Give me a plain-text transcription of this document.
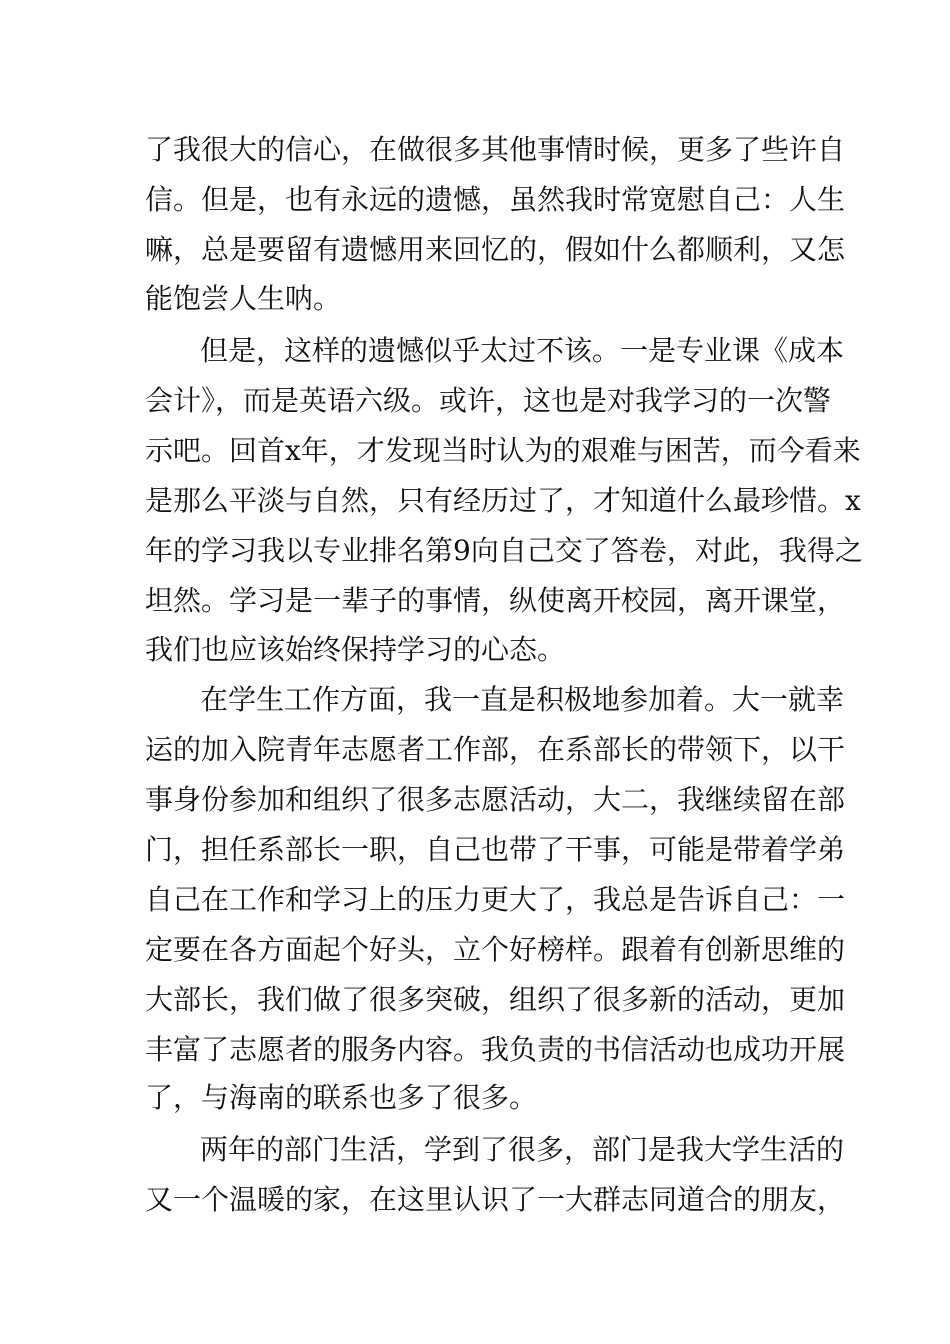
了我很大的信心，在做很多其他事情时候，更多了些许自
信。但是，也有永远的遗憾，虽然我时常宽慰自己：人生
嘛，总是要留有遗憾用来回忆的，假如什么都顺利，又怎
能饱尝人生呐。
但是，这样的遗憾似乎太过不该。一是专业课《成本
会计》，而是英语六级。或许，这也是对我学习的一次警
示吧。回首x年，才发现当时认为的艰难与困苦，而今看来
是那么平淡与自然，只有经历过了，才知道什么最珍惜。x
年的学习我以专业排名第9向自己交了答卷，对此，我得之
坦然。学习是一辈子的事情，纵使离开校园，离开课堂，
我们也应该始终保持学习的心态。
在学生工作方面，我一直是积极地参加着。大一就幸
运的加入院青年志愿者工作部，在系部长的带领下，以干
事身份参加和组织了很多志愿活动，大二，我继续留在部
门，担任系部长一职，自己也带了干事，可能是带着学弟
自己在工作和学习上的压力更大了，我总是告诉自己：一
定要在各方面起个好头，立个好榜样。跟着有创新思维的
大部长，我们做了很多突破，组织了很多新的活动，更加
丰富了志愿者的服务内容。我负责的书信活动也成功开展
了，与海南的联系也多了很多。
两年的部门生活，学到了很多，部门是我大学生活的
又一个温暖的家，在这里认识了一大群志同道合的朋友，
